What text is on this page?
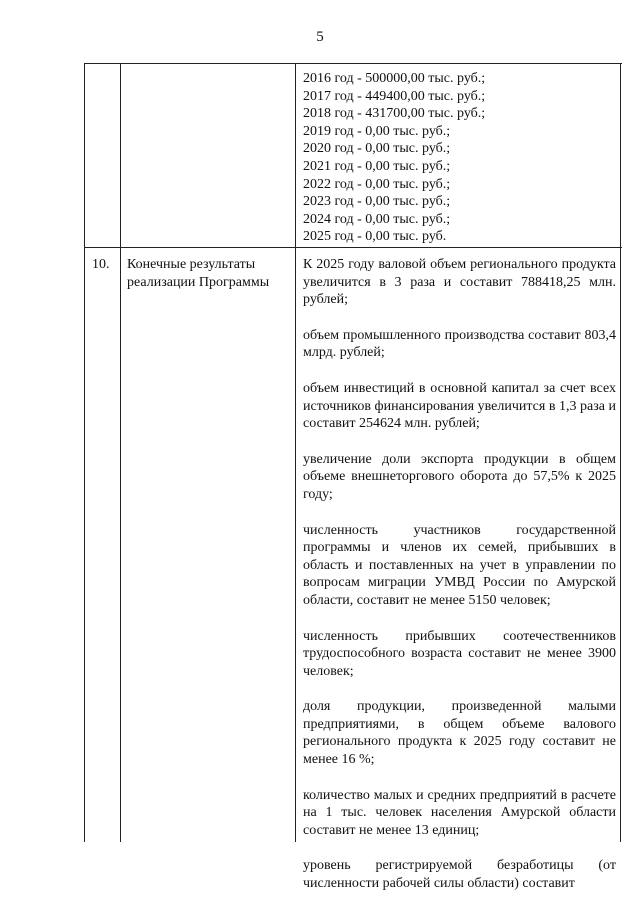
5
2016 год - 500000,00 тыс. руб.;
2017 год - 449400,00 тыс. руб.;
2018 год - 431700,00 тыс. руб.;
2019 год - 0,00 тыс. руб.;
2020 год - 0,00 тыс. руб.;
2021 год - 0,00 тыс. руб.;
2022 год - 0,00 тыс. руб.;
2023 год - 0,00 тыс. руб.;
2024 год - 0,00 тыс. руб.;
2025 год - 0,00 тыс. руб.
10. Конечные результаты реализации Программы

К 2025 году валовой объем регионального продукта увеличится в 3 раза и составит 788418,25 млн. рублей;

объем промышленного производства составит 803,4 млрд. рублей;

объем инвестиций в основной капитал за счет всех источников финансирования увеличится в 1,3 раза и составит 254624 млн. рублей;

увеличение доли экспорта продукции в общем объеме внешнеторгового оборота до 57,5% к 2025 году;

численность участников государственной программы и членов их семей, прибывших в область и поставленных на учет в управлении по вопросам миграции УМВД России по Амурской области, составит не менее 5150 человек;

численность прибывших соотечественников трудоспособного возраста составит не менее 3900 человек;

доля продукции, произведенной малыми предприятиями, в общем объеме валового регионального продукта к 2025 году составит не менее 16 %;

количество малых и средних предприятий в расчете на 1 тыс. человек населения Амурской области составит не менее 13 единиц;

уровень регистрируемой безработицы (от численности рабочей силы области) составит
